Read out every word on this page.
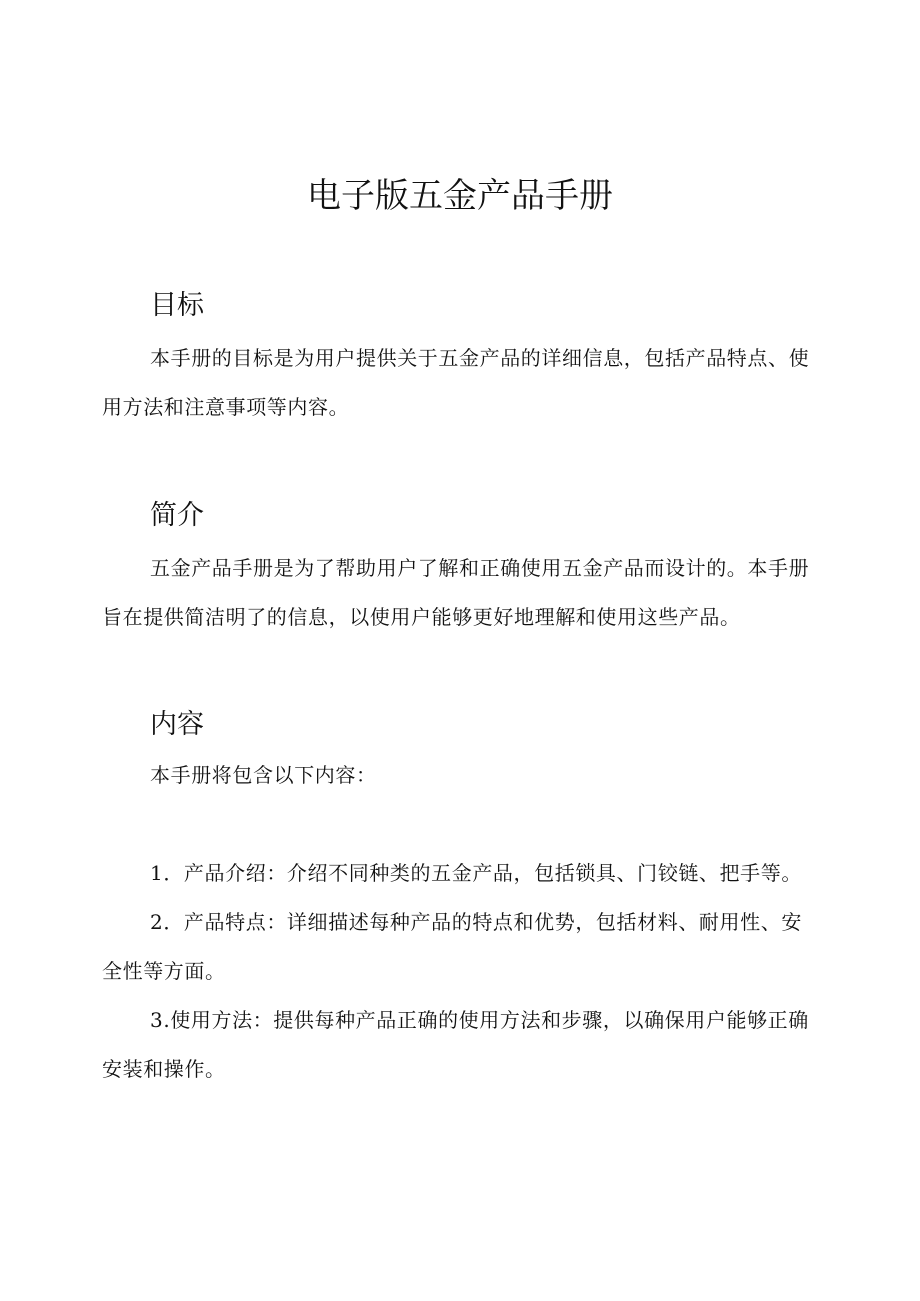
电子版五金产品手册
目标
本手册的目标是为用户提供关于五金产品的详细信息，包括产品特点、使用方法和注意事项等内容。
简介
五金产品手册是为了帮助用户了解和正确使用五金产品而设计的。本手册旨在提供简洁明了的信息，以使用户能够更好地理解和使用这些产品。
内容
本手册将包含以下内容：
1．产品介绍：介绍不同种类的五金产品，包括锁具、门铰链、把手等。
2．产品特点：详细描述每种产品的特点和优势，包括材料、耐用性、安全性等方面。
3.使用方法：提供每种产品正确的使用方法和步骤，以确保用户能够正确安装和操作。
